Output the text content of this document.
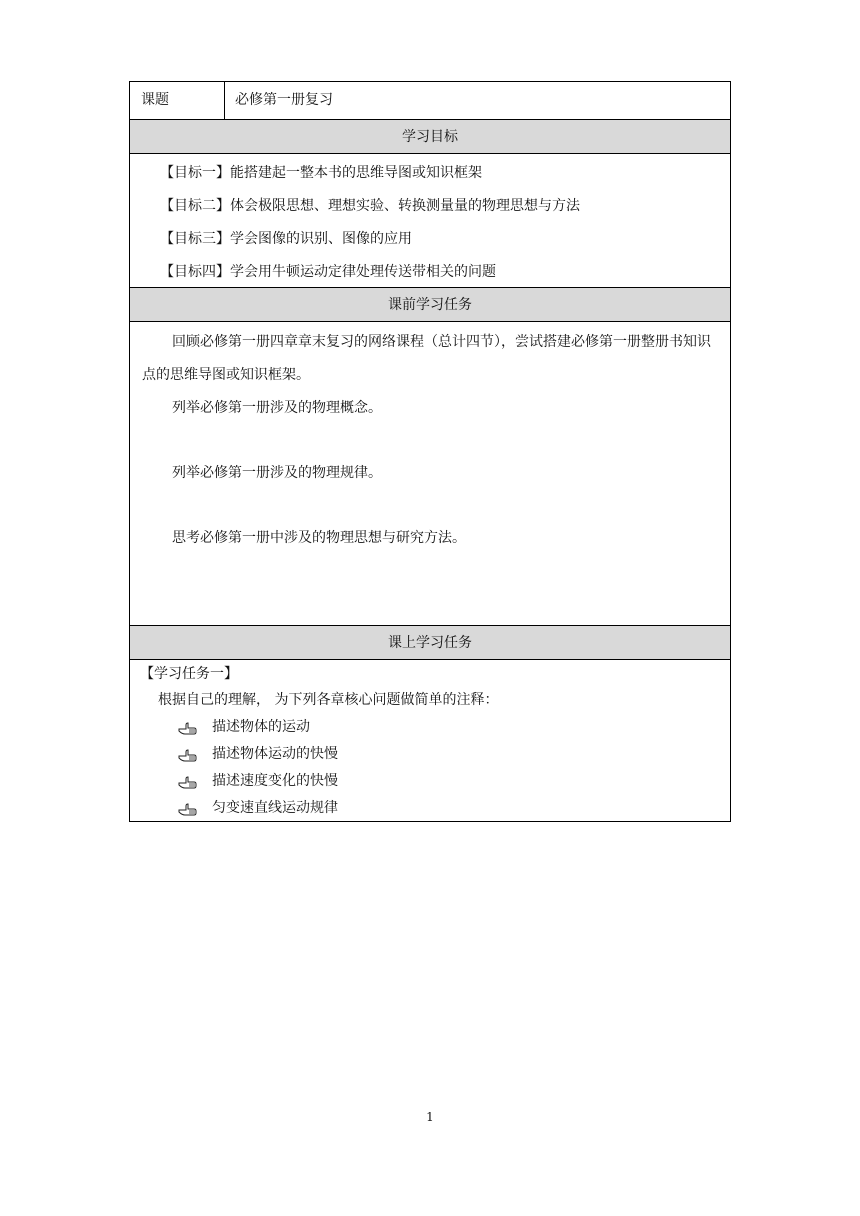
课题	必修第一册复习
学习目标
【目标一】能搭建起一整本书的思维导图或知识框架
【目标二】体会极限思想、理想实验、转换测量量的物理思想与方法
【目标三】学会图像的识别、图像的应用
【目标四】学会用牛顿运动定律处理传送带相关的问题
课前学习任务
回顾必修第一册四章章末复习的网络课程（总计四节），尝试搭建必修第一册整册书知识点的思维导图或知识框架。
列举必修第一册涉及的物理概念。
列举必修第一册涉及的物理规律。
思考必修第一册中涉及的物理思想与研究方法。
课上学习任务
【学习任务一】
根据自己的理解， 为下列各章核心问题做简单的注释：
描述物体的运动
描述物体运动的快慢
描述速度变化的快慢
匀变速直线运动规律
1
